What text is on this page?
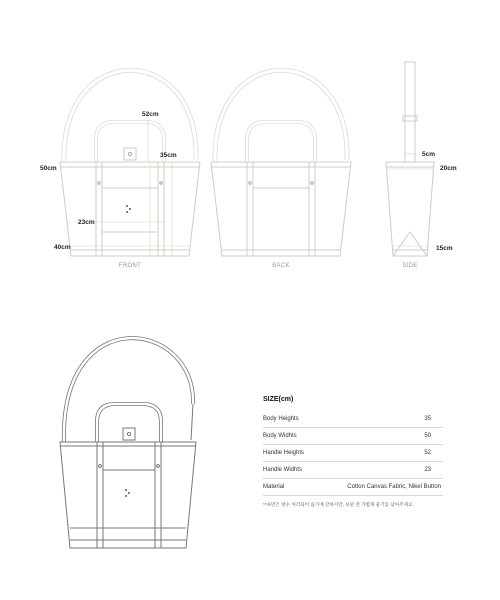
52cm
35cm
50cm
23cm
40cm
FRONT	BACK
5cm
20cm
15cm
SIDE
SIZE(cm)
Body Heights	35
Body Widhts	50
Handle Heights	52
Handle Widhts	23
Material	Cotton Canvas Fabric, Nikel Button
**속면은 방수 처리되어 습기에 강하지만, 보관 전 가볍게 물기를 닦아주세요.
